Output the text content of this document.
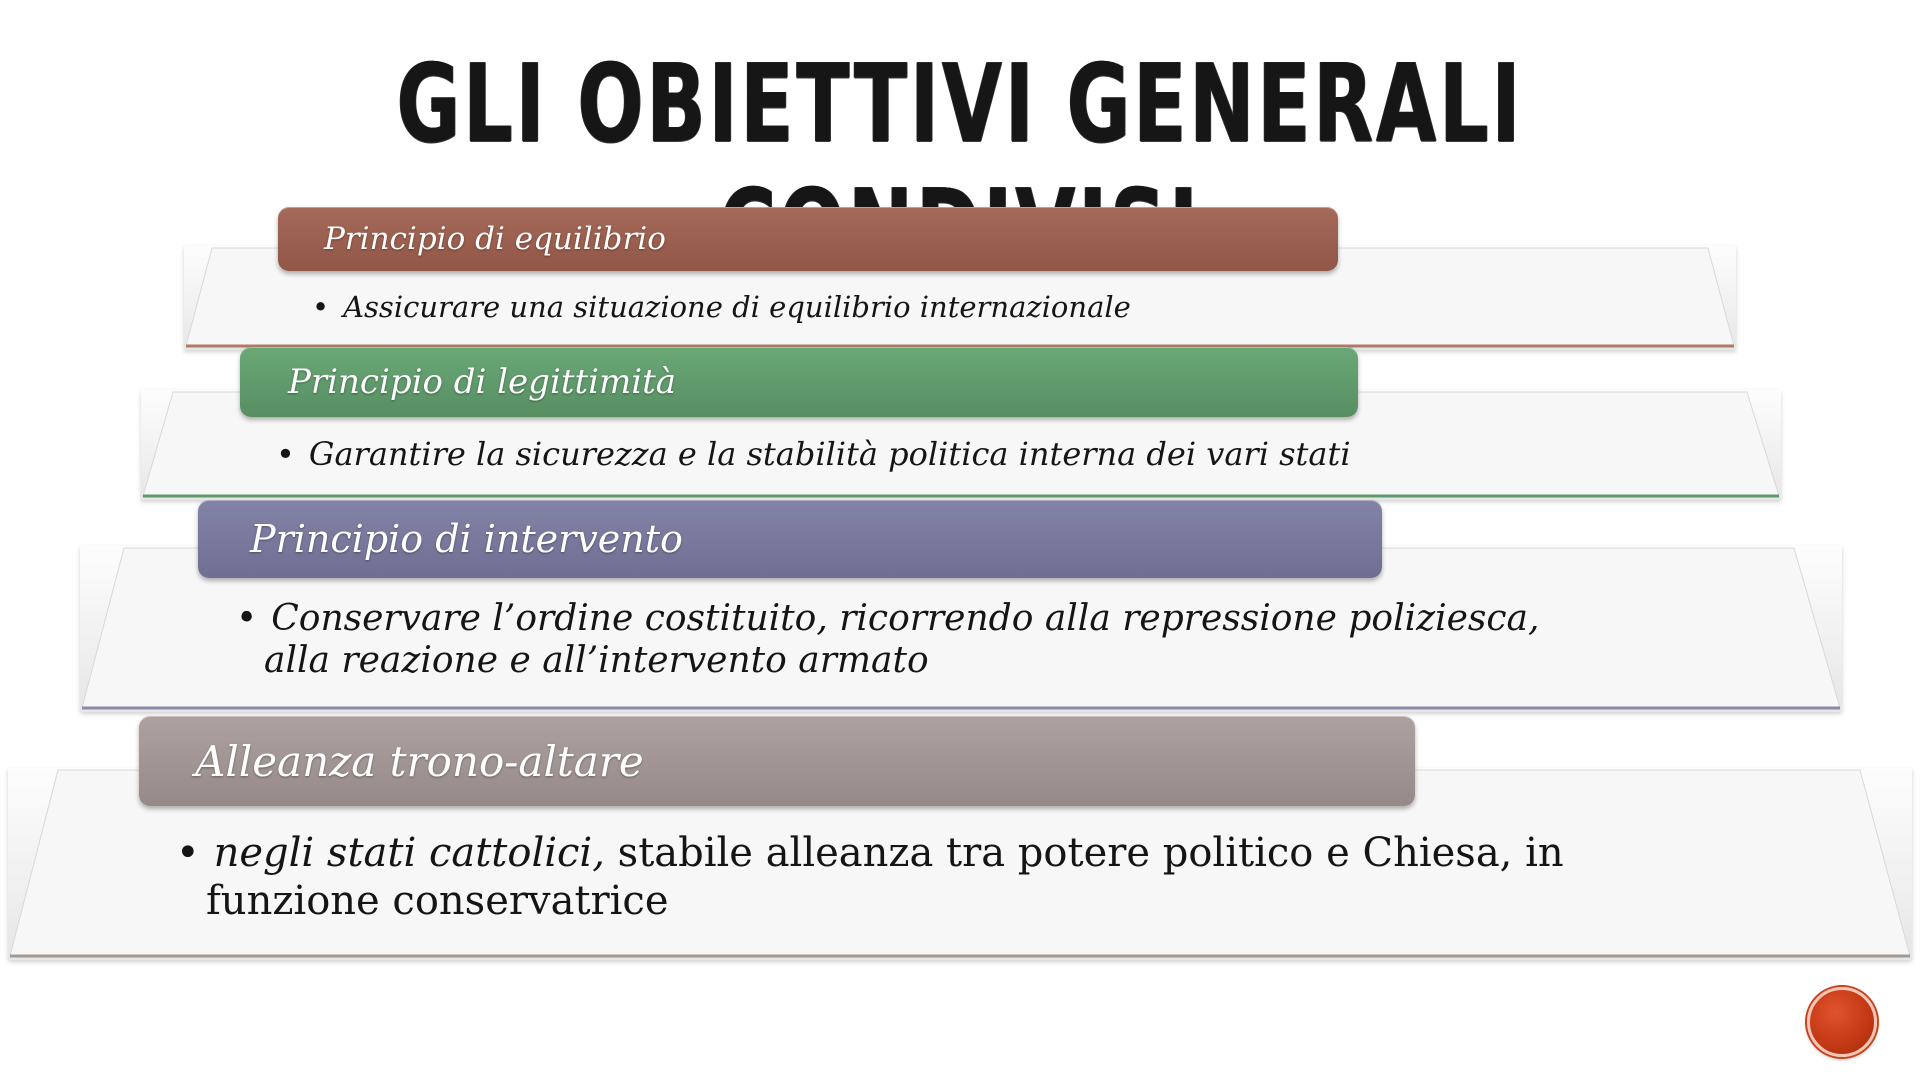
GLI OBIETTIVI GENERALI
Principio di equilibrio

• Assicurare una situazione di equilibrio internazionale

Principio di legittimità

• Garantire la sicurezza e la stabilità politica interna dei vari stati

Principio di intervento

• Conservare l’ordine costituito, ricorrendo alla repressione poliziesca, alla reazione e all’intervento armato

Alleanza trono-altare

• negli stati cattolici, stabile alleanza tra potere politico e Chiesa, in funzione conservatrice
